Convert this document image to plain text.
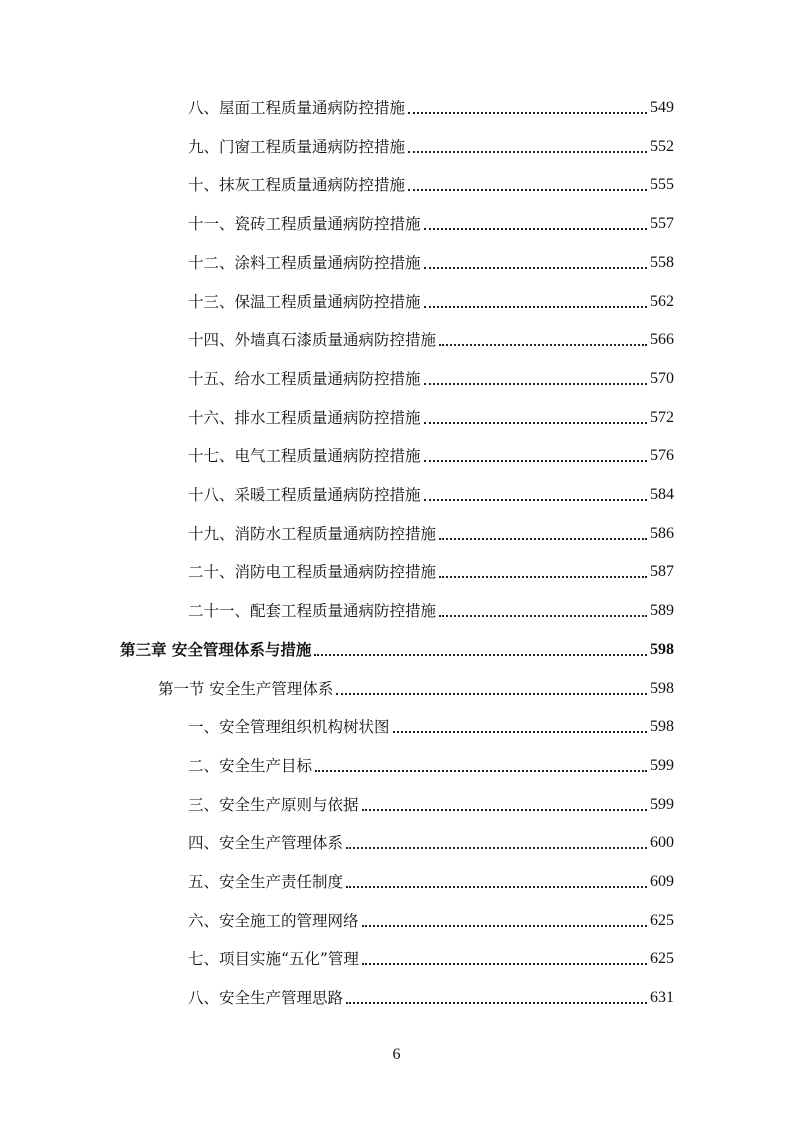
八、屋面工程质量通病防控措施	549
九、门窗工程质量通病防控措施	552
十、抹灰工程质量通病防控措施	555
十一、瓷砖工程质量通病防控措施	557
十二、涂料工程质量通病防控措施	558
十三、保温工程质量通病防控措施	562
十四、外墙真石漆质量通病防控措施	566
十五、给水工程质量通病防控措施	570
十六、排水工程质量通病防控措施	572
十七、电气工程质量通病防控措施	576
十八、采暖工程质量通病防控措施	584
十九、消防水工程质量通病防控措施	586
二十、消防电工程质量通病防控措施	587
二十一、配套工程质量通病防控措施	589
第三章 安全管理体系与措施	598
第一节 安全生产管理体系	598
一、安全管理组织机构树状图	598
二、安全生产目标	599
三、安全生产原则与依据	599
四、安全生产管理体系	600
五、安全生产责任制度	609
六、安全施工的管理网络	625
七、项目实施“五化”管理	625
八、安全生产管理思路	631
6
